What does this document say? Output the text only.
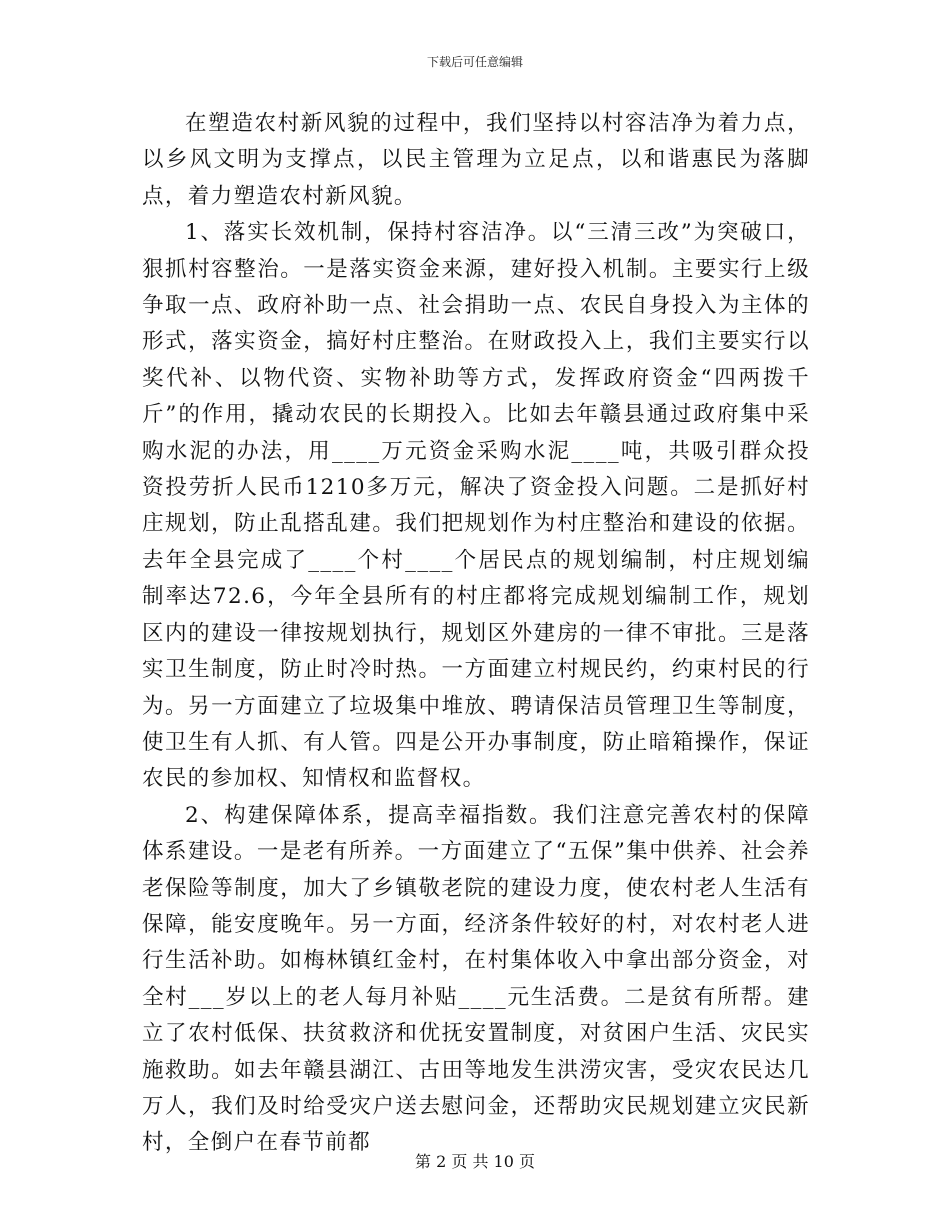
下载后可任意编辑

在塑造农村新风貌的过程中，我们坚持以村容洁净为着力点，以乡风文明为支撑点，以民主管理为立足点，以和谐惠民为落脚点，着力塑造农村新风貌。

1、落实长效机制，保持村容洁净。以“三清三改”为突破口，狠抓村容整治。一是落实资金来源，建好投入机制。主要实行上级争取一点、政府补助一点、社会捐助一点、农民自身投入为主体的形式，落实资金，搞好村庄整治。在财政投入上，我们主要实行以奖代补、以物代资、实物补助等方式，发挥政府资金“四两拨千斤”的作用，撬动农民的长期投入。比如去年赣县通过政府集中采购水泥的办法，用____万元资金采购水泥____吨，共吸引群众投资投劳折人民币1210多万元，解决了资金投入问题。二是抓好村庄规划，防止乱搭乱建。我们把规划作为村庄整治和建设的依据。去年全县完成了____个村____个居民点的规划编制，村庄规划编制率达72.6，今年全县所有的村庄都将完成规划编制工作，规划区内的建设一律按规划执行，规划区外建房的一律不审批。三是落实卫生制度，防止时冷时热。一方面建立村规民约，约束村民的行为。另一方面建立了垃圾集中堆放、聘请保洁员管理卫生等制度，使卫生有人抓、有人管。四是公开办事制度，防止暗箱操作，保证农民的参加权、知情权和监督权。

2、构建保障体系，提高幸福指数。我们注意完善农村的保障体系建设。一是老有所养。一方面建立了“五保”集中供养、社会养老保险等制度，加大了乡镇敬老院的建设力度，使农村老人生活有保障，能安度晚年。另一方面，经济条件较好的村，对农村老人进行生活补助。如梅林镇红金村，在村集体收入中拿出部分资金，对全村___岁以上的老人每月补贴____元生活费。二是贫有所帮。建立了农村低保、扶贫救济和优抚安置制度，对贫困户生活、灾民实施救助。如去年赣县湖江、古田等地发生洪涝灾害，受灾农民达几万人，我们及时给受灾户送去慰问金，还帮助灾民规划建立灾民新村，全倒户在春节前都

第 2 页 共 10 页
